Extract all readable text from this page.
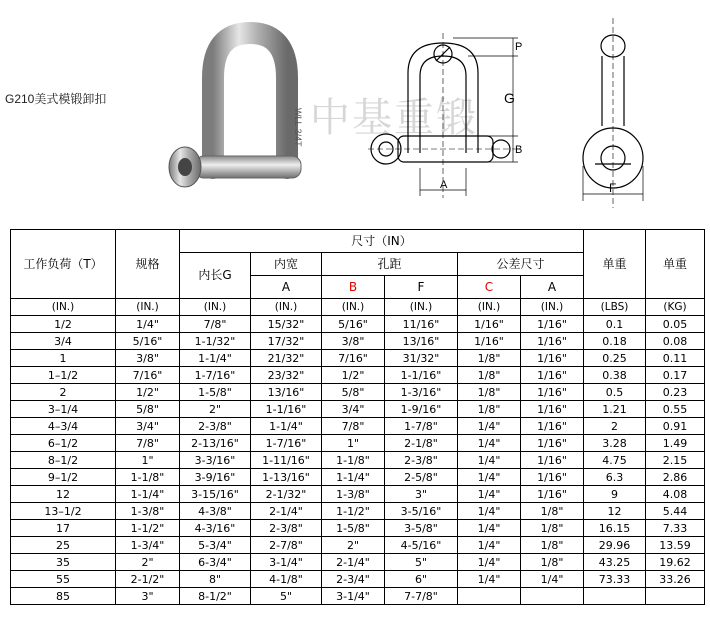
G210美式模锻卸扣	中基重锻
WLL 3/4T
P
G
B
A	F
工作负荷（T）	规格	尺寸（IN）						单重	单重
		内长G	内宽	孔距		公差尺寸			
			A	B	F	C	A		
(IN.)	(IN.)	(IN.)	(IN.)	(IN.)	(IN.)	(IN.)	(IN.)	(LBS)	(KG)
1/2	1/4"	7/8"	15/32"	5/16"	11/16"	1/16"	1/16"	0.1	0.05
3/4	5/16"	1-1/32"	17/32"	3/8"	13/16"	1/16"	1/16"	0.18	0.08
1	3/8"	1-1/4"	21/32"	7/16"	31/32"	1/8"	1/16"	0.25	0.11
1–1/2	7/16"	1-7/16"	23/32"	1/2"	1-1/16"	1/8"	1/16"	0.38	0.17
2	1/2"	1-5/8"	13/16"	5/8"	1-3/16"	1/8"	1/16"	0.5	0.23
3–1/4	5/8"	2"	1-1/16"	3/4"	1-9/16"	1/8"	1/16"	1.21	0.55
4–3/4	3/4"	2-3/8"	1-1/4"	7/8"	1-7/8"	1/4"	1/16"	2	0.91
6–1/2	7/8"	2-13/16"	1-7/16"	1"	2-1/8"	1/4"	1/16"	3.28	1.49
8–1/2	1"	3-3/16"	1-11/16"	1-1/8"	2-3/8"	1/4"	1/16"	4.75	2.15
9–1/2	1-1/8"	3-9/16"	1-13/16"	1-1/4"	2-5/8"	1/4"	1/16"	6.3	2.86
12	1-1/4"	3-15/16"	2-1/32"	1-3/8"	3"	1/4"	1/16"	9	4.08
13–1/2	1-3/8"	4-3/8"	2-1/4"	1-1/2"	3-5/16"	1/4"	1/8"	12	5.44
17	1-1/2"	4-3/16"	2-3/8"	1-5/8"	3-5/8"	1/4"	1/8"	16.15	7.33
25	1-3/4"	5-3/4"	2-7/8"	2"	4-5/16"	1/4"	1/8"	29.96	13.59
35	2"	6-3/4"	3-1/4"	2-1/4"	5"	1/4"	1/8"	43.25	19.62
55	2-1/2"	8"	4-1/8"	2-3/4"	6"	1/4"	1/4"	73.33	33.26
85	3"	8-1/2"	5"	3-1/4"	7-7/8"				
